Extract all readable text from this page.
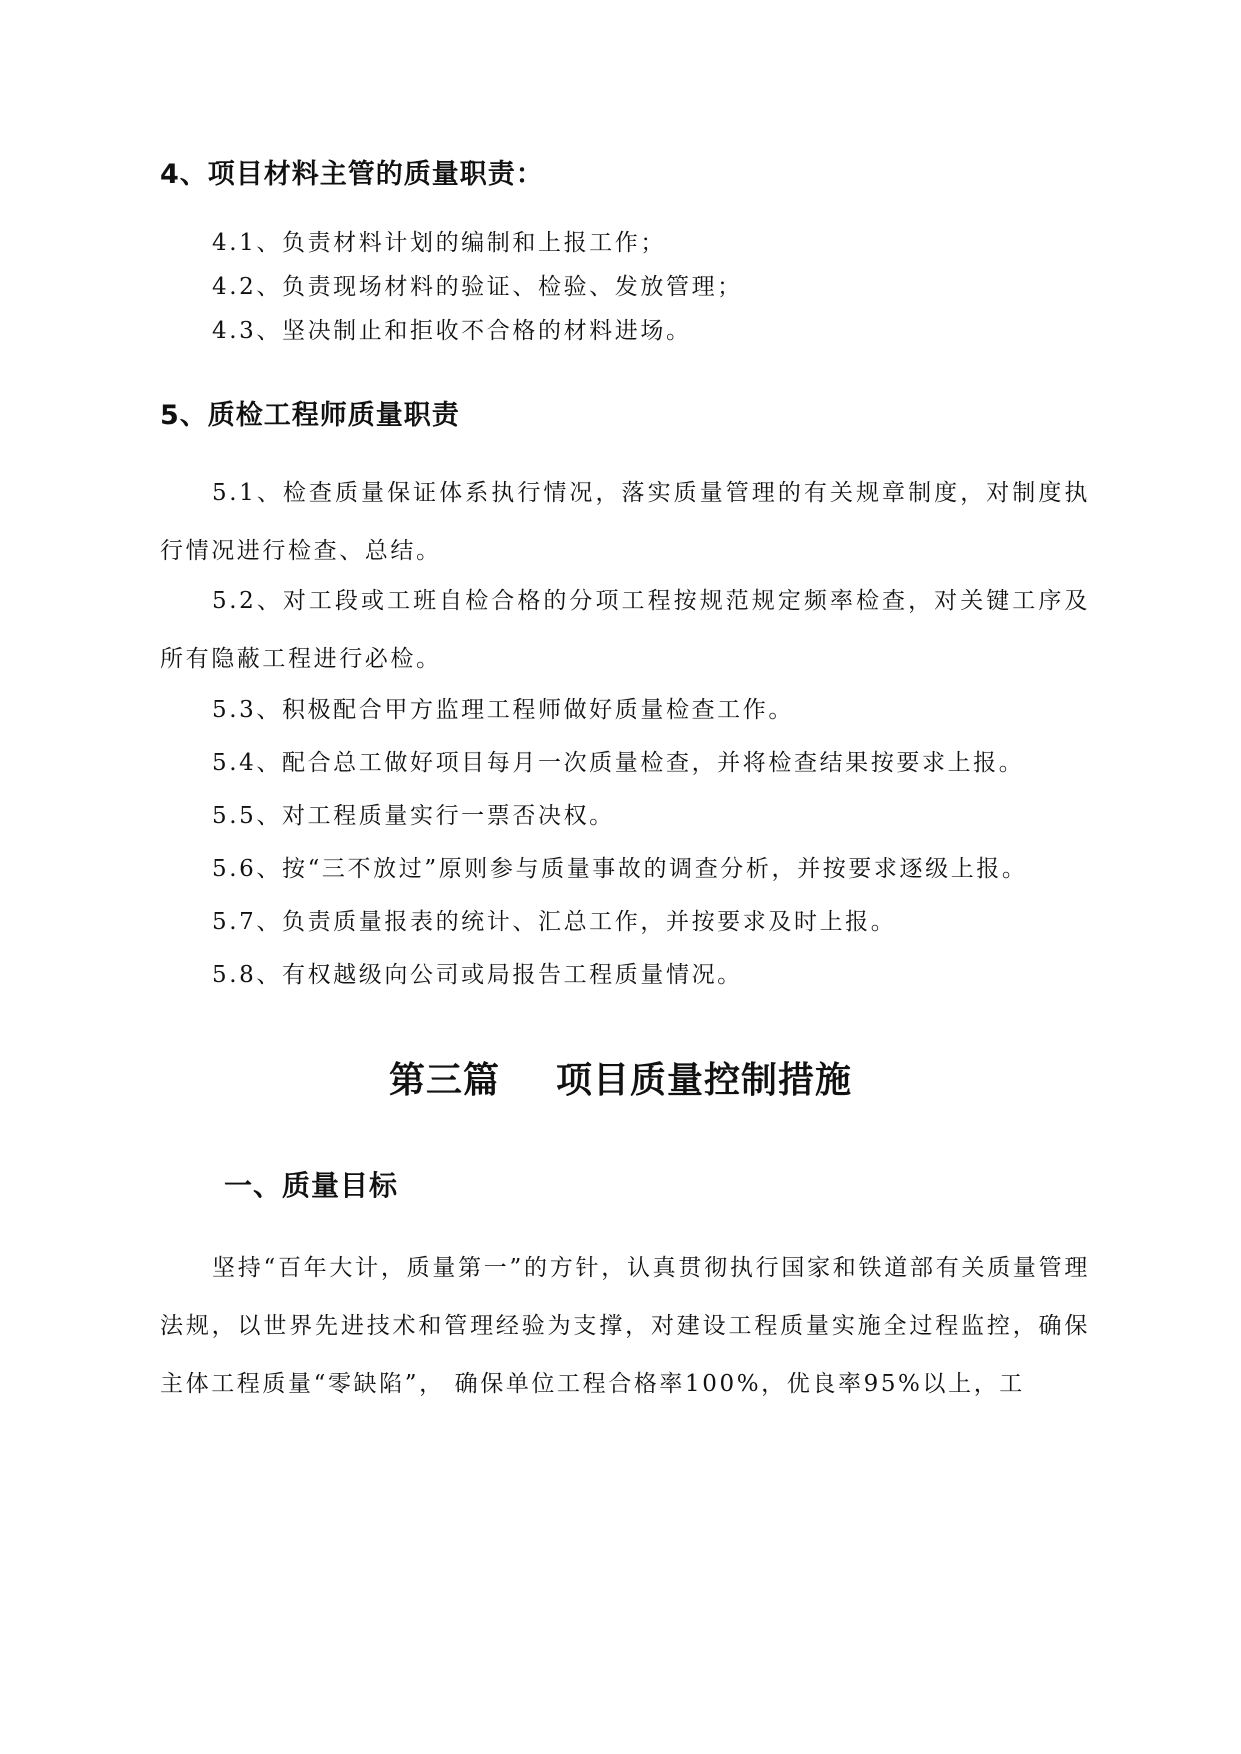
4、项目材料主管的质量职责：

4.1、负责材料计划的编制和上报工作；

4.2、负责现场材料的验证、检验、发放管理；

4.3、坚决制止和拒收不合格的材料进场。

5、质检工程师质量职责

5.1、检查质量保证体系执行情况，落实质量管理的有关规章制度，对制度执行情况进行检查、总结。

5.2、对工段或工班自检合格的分项工程按规范规定频率检查，对关键工序及所有隐蔽工程进行必检。

5.3、积极配合甲方监理工程师做好质量检查工作。

5.4、配合总工做好项目每月一次质量检查，并将检查结果按要求上报。

5.5、对工程质量实行一票否决权。

5.6、按“三不放过”原则参与质量事故的调查分析，并按要求逐级上报。

5.7、负责质量报表的统计、汇总工作，并按要求及时上报。

5.8、有权越级向公司或局报告工程质量情况。

第三篇 项目质量控制措施
一、质量目标

坚持“百年大计，质量第一”的方针，认真贯彻执行国家和铁道部有关质量管理法规，以世界先进技术和管理经验为支撑，对建设工程质量实施全过程监控，确保主体工程质量“零缺陷”， 确保单位工程合格率100%，优良率95%以上，工
